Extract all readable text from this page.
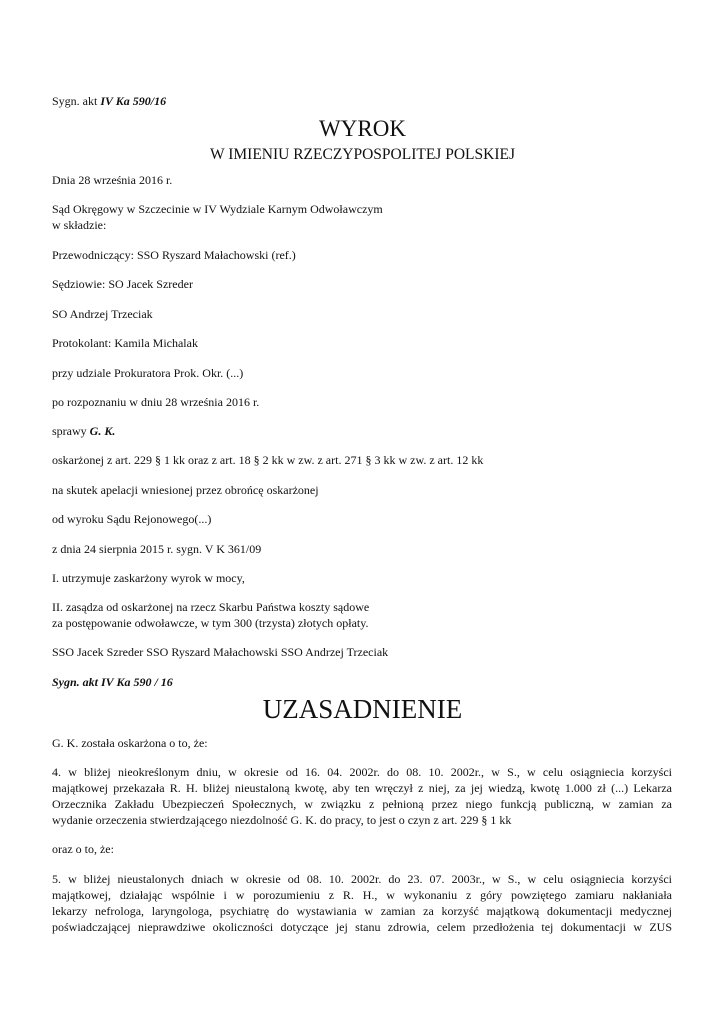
Sygn. akt IV Ka 590/16
WYROK
W IMIENIU RZECZYPOSPOLITEJ POLSKIEJ
Dnia 28 września 2016 r.
Sąd Okręgowy w Szczecinie w IV Wydziale Karnym Odwoławczym
w składzie:
Przewodniczący: SSO Ryszard Małachowski (ref.)
Sędziowie: SO Jacek Szreder
SO Andrzej Trzeciak
Protokolant: Kamila Michalak
przy udziale Prokuratora Prok. Okr. (...)
po rozpoznaniu w dniu 28 września 2016 r.
sprawy G. K.
oskarżonej z art. 229 § 1 kk oraz z art. 18 § 2 kk w zw. z art. 271 § 3 kk w zw. z art. 12 kk
na skutek apelacji wniesionej przez obrońcę oskarżonej
od wyroku Sądu Rejonowego(...)
z dnia 24 sierpnia 2015 r. sygn. V K 361/09
I. utrzymuje zaskarżony wyrok w mocy,
II. zasądza od oskarżonej na rzecz Skarbu Państwa koszty sądowe
za postępowanie odwoławcze, w tym 300 (trzysta) złotych opłaty.
SSO Jacek Szreder SSO Ryszard Małachowski SSO Andrzej Trzeciak
Sygn. akt IV Ka 590 / 16
UZASADNIENIE
G. K. została oskarżona o to, że:
4. w bliżej nieokreślonym dniu, w okresie od 16. 04. 2002r. do 08. 10. 2002r., w S., w celu osiągniecia korzyści
majątkowej przekazała R. H. bliżej nieustaloną kwotę, aby ten wręczył z niej, za jej wiedzą, kwotę 1.000 zł (...) Lekarza
Orzecznika Zakładu Ubezpieczeń Społecznych, w związku z pełnioną przez niego funkcją publiczną, w zamian za
wydanie orzeczenia stwierdzającego niezdolność G. K. do pracy, to jest o czyn z art. 229 § 1 kk
oraz o to, że:
5. w bliżej nieustalonych dniach w okresie od 08. 10. 2002r. do 23. 07. 2003r., w S., w celu osiągniecia korzyści
majątkowej, działając wspólnie i w porozumieniu z R. H., w wykonaniu z góry powziętego zamiaru nakłaniała
lekarzy nefrologa, laryngologa, psychiatrę do wystawiania w zamian za korzyść majątkową dokumentacji medycznej
poświadczającej nieprawdziwe okoliczności dotyczące jej stanu zdrowia, celem przedłożenia tej dokumentacji w ZUS
